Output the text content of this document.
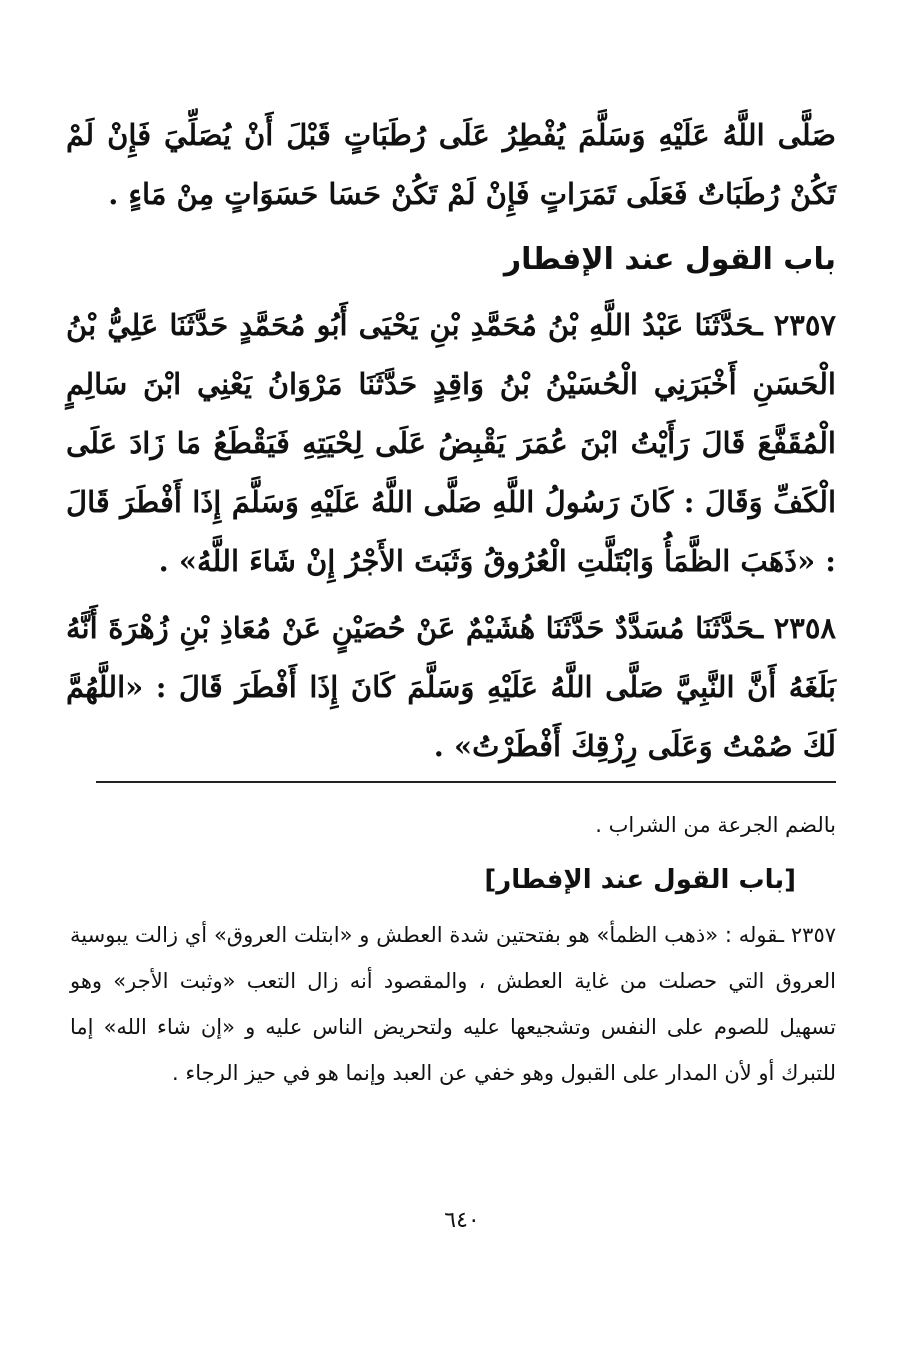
صَلَّى اللَّهُ عَلَيْهِ وَسَلَّمَ يُفْطِرُ عَلَى رُطَبَاتٍ قَبْلَ أَنْ يُصَلِّيَ فَإِنْ لَمْ تَكُنْ رُطَبَاتٌ فَعَلَى تَمَرَاتٍ فَإِنْ لَمْ تَكُنْ حَسَا حَسَوَاتٍ مِنْ مَاءٍ .

باب القول عند الإفطار

٢٣٥٧ ـحَدَّثَنَا عَبْدُ اللَّهِ بْنُ مُحَمَّدِ بْنِ يَحْيَى أَبُو مُحَمَّدٍ حَدَّثَنَا عَلِيُّ بْنُ الْحَسَنِ أَخْبَرَنِي الْحُسَيْنُ بْنُ وَاقِدٍ حَدَّثَنَا مَرْوَانُ يَعْنِي ابْنَ سَالِمٍ الْمُقَفَّعَ قَالَ رَأَيْتُ ابْنَ عُمَرَ يَقْبِضُ عَلَى لِحْيَتِهِ فَيَقْطَعُ مَا زَادَ عَلَى الْكَفِّ وَقَالَ : كَانَ رَسُولُ اللَّهِ صَلَّى اللَّهُ عَلَيْهِ وَسَلَّمَ إِذَا أَفْطَرَ قَالَ : «ذَهَبَ الظَّمَأُ وَابْتَلَّتِ الْعُرُوقُ وَثَبَتَ الأَجْرُ إِنْ شَاءَ اللَّهُ» .

٢٣٥٨ ـحَدَّثَنَا مُسَدَّدٌ حَدَّثَنَا هُشَيْمٌ عَنْ حُصَيْنٍ عَنْ مُعَاذِ بْنِ زُهْرَةَ أَنَّهُ بَلَغَهُ أَنَّ النَّبِيَّ صَلَّى اللَّهُ عَلَيْهِ وَسَلَّمَ كَانَ إِذَا أَفْطَرَ قَالَ : «اللَّهُمَّ لَكَ صُمْتُ وَعَلَى رِزْقِكَ أَفْطَرْتُ» .

بالضم الجرعة من الشراب .

[باب القول عند الإفطار]

٢٣٥٧ ـقوله : «ذهب الظمأ» هو بفتحتين شدة العطش و «ابتلت العروق» أي زالت يبوسية العروق التي حصلت من غاية العطش ، والمقصود أنه زال التعب «وثبت الأجر» وهو تسهيل للصوم على النفس وتشجيعها عليه ولتحريض الناس عليه و «إن شاء الله» إما للتبرك أو لأن المدار على القبول وهو خفي عن العبد وإنما هو في حيز الرجاء .

٦٤٠
